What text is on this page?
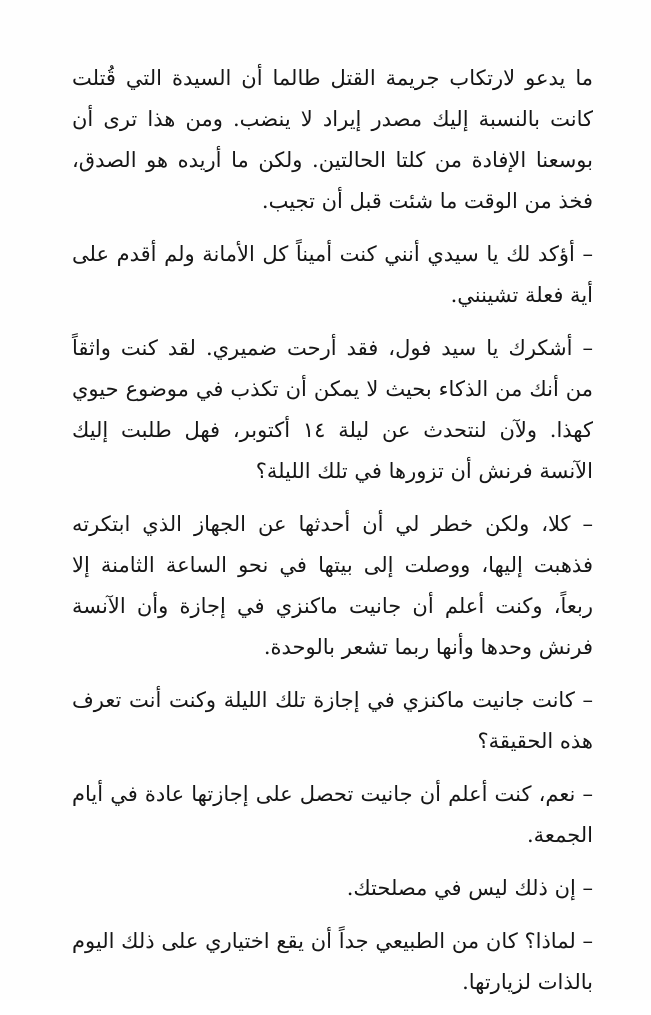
ما يدعو لارتكاب جريمة القتل طالما أن السيدة التي قُتلت كانت بالنسبة إليك مصدر إيراد لا ينضب. ومن هذا ترى أن بوسعنا الإفادة من كلتا الحالتين. ولكن ما أريده هو الصدق، فخذ من الوقت ما شئت قبل أن تجيب.

– أؤكد لك يا سيدي أنني كنت أميناً كل الأمانة ولم أقدم على أية فعلة تشينني.

– أشكرك يا سيد فول، فقد أرحت ضميري. لقد كنت واثقاً من أنك من الذكاء بحيث لا يمكن أن تكذب في موضوع حيوي كهذا. ولآن لنتحدث عن ليلة ١٤ أكتوبر، فهل طلبت إليك الآنسة فرنش أن تزورها في تلك الليلة؟

– كلا، ولكن خطر لي أن أحدثها عن الجهاز الذي ابتكرته فذهبت إليها، ووصلت إلى بيتها في نحو الساعة الثامنة إلا ربعاً، وكنت أعلم أن جانيت ماكنزي في إجازة وأن الآنسة فرنش وحدها وأنها ربما تشعر بالوحدة.

– كانت جانيت ماكنزي في إجازة تلك الليلة وكنت أنت تعرف هذه الحقيقة؟

– نعم، كنت أعلم أن جانيت تحصل على إجازتها عادة في أيام الجمعة.

– إن ذلك ليس في مصلحتك.

– لماذا؟ كان من الطبيعي جداً أن يقع اختياري على ذلك اليوم بالذات لزيارتها.
